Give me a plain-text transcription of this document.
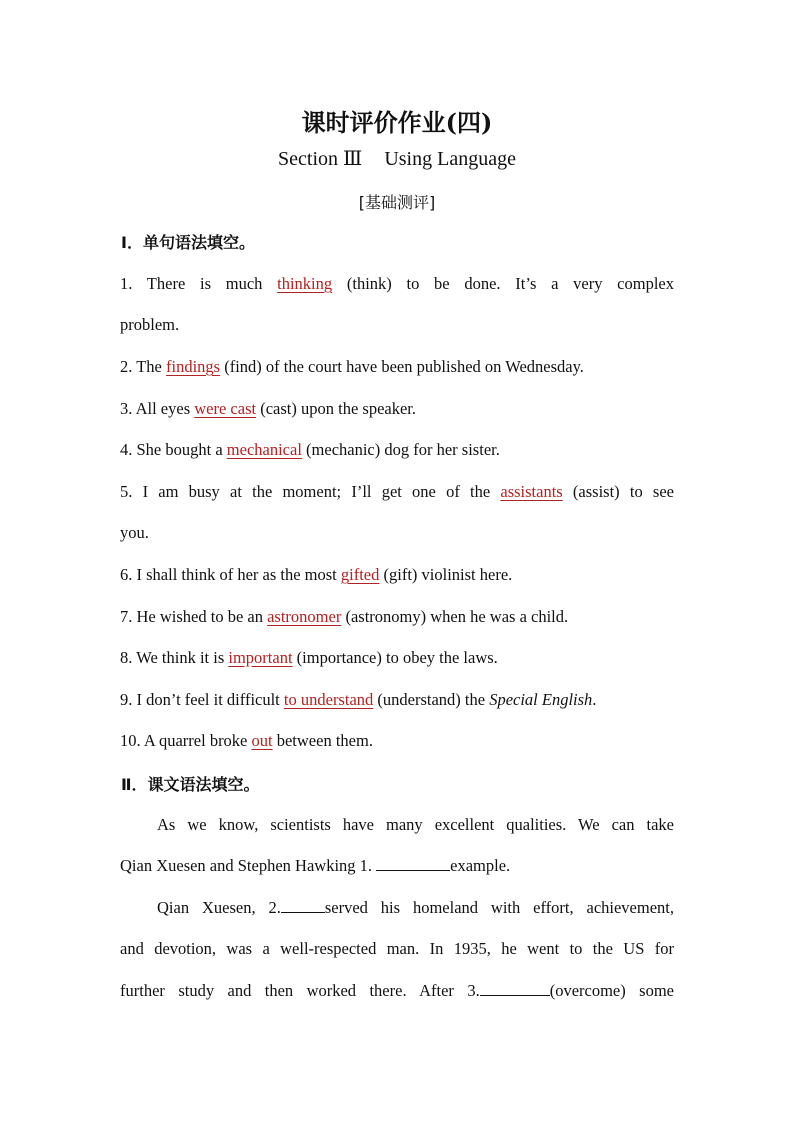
课时评价作业(四)
Section Ⅲ Using Language
[基础测评]
Ⅰ．单句语法填空。
1. There is much thinking (think) to be done. It’s a very complex
problem.
2. The findings (find) of the court have been published on Wednesday.
3. All eyes were cast (cast) upon the speaker.
4. She bought a mechanical (mechanic) dog for her sister.
5. I am busy at the moment; I’ll get one of the assistants (assist) to see
you.
6. I shall think of her as the most gifted (gift) violinist here.
7. He wished to be an astronomer (astronomy) when he was a child.
8. We think it is important (importance) to obey the laws.
9. I don’t feel it difficult to understand (understand) the Special English.
10. A quarrel broke out between them.
Ⅱ．课文语法填空。
As we know, scientists have many excellent qualities. We can take
Qian Xuesen and Stephen Hawking 1.	example.
Qian Xuesen, 2.	served his homeland with effort, achievement,
and devotion, was a well-respected man. In 1935, he went to the US for
further study and then worked there. After 3.	(overcome) some
